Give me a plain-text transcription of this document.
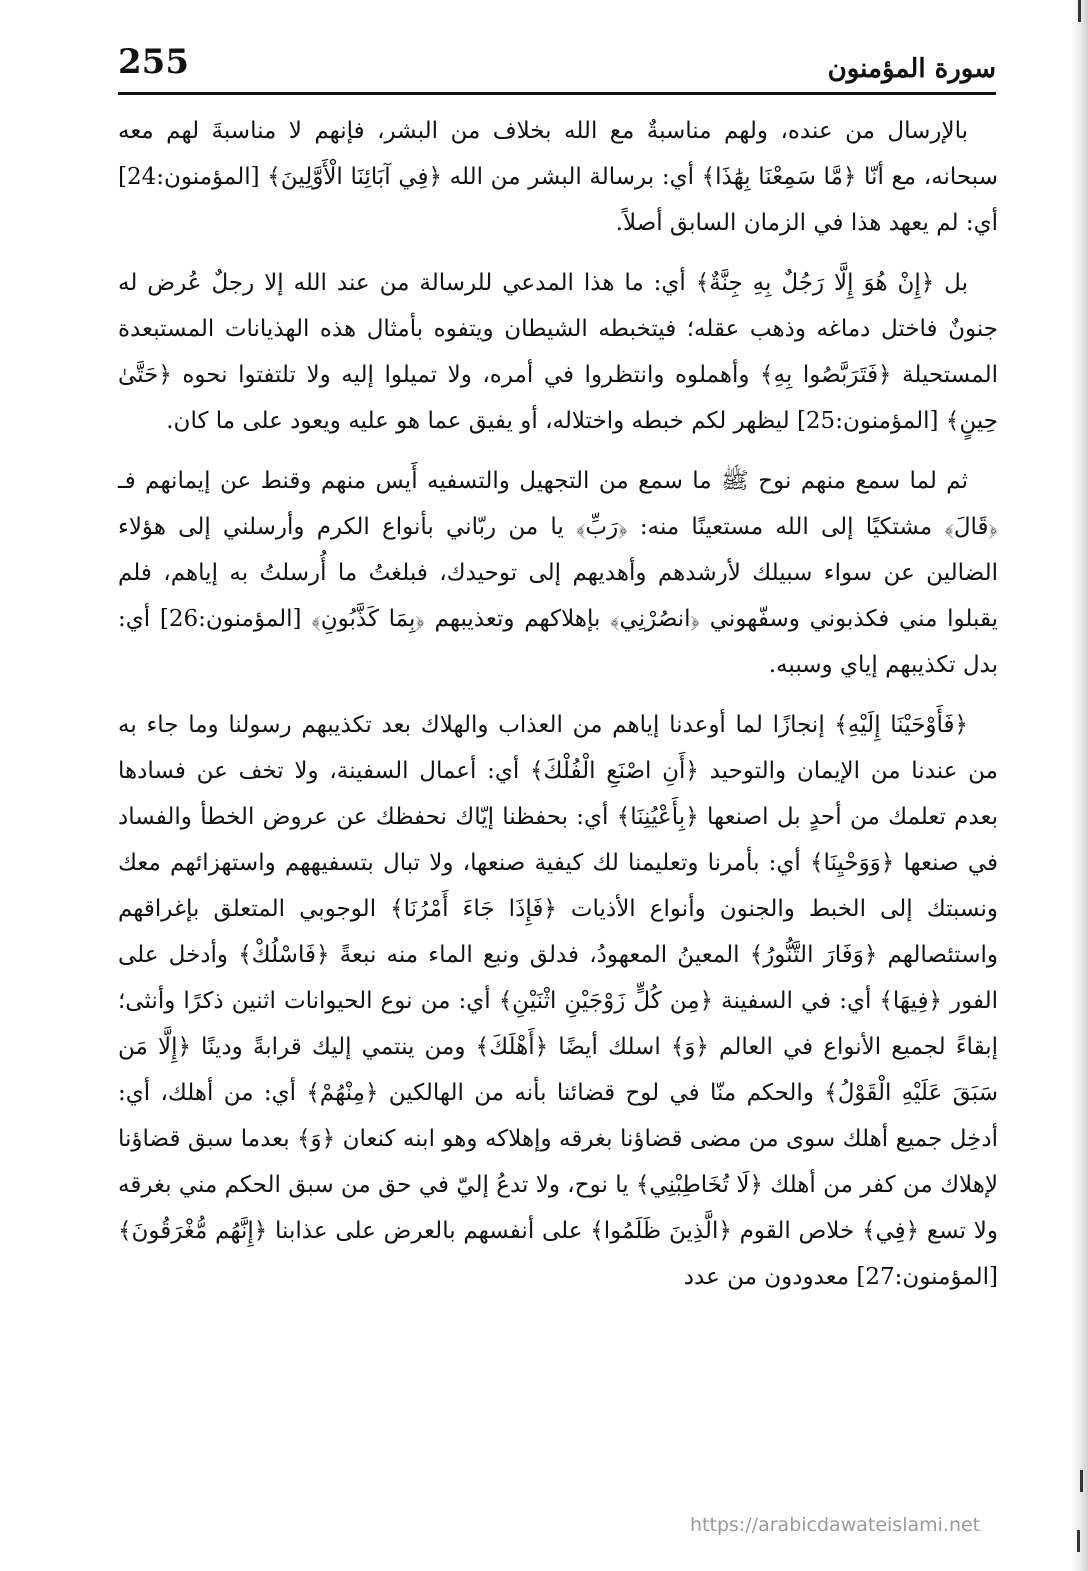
سورة المؤمنون
255

بالإرسال من عنده، ولهم مناسبةٌ مع الله بخلاف من البشر، فإنهم لا مناسبةَ لهم معه سبحانه، مع أنّا ﴿مَّا سَمِعْنَا بِهَٰذَا﴾ أي: برسالة البشر من الله ﴿فِي آبَائِنَا الْأَوَّلِينَ﴾ [المؤمنون:24] أي: لم يعهد هذا في الزمان السابق أصلاً.

بل ﴿إِنْ هُوَ إِلَّا رَجُلٌ بِهِ جِنَّةٌ﴾ أي: ما هذا المدعي للرسالة من عند الله إلا رجلٌ عُرض له جنونٌ فاختل دماغه وذهب عقله؛ فيتخبطه الشيطان ويتفوه بأمثال هذه الهذيانات المستبعدة المستحيلة ﴿فَتَرَبَّصُوا بِهِ﴾ وأهملوه وانتظروا في أمره، ولا تميلوا إليه ولا تلتفتوا نحوه ﴿حَتَّىٰ حِينٍ﴾ [المؤمنون:25] ليظهر لكم خبطه واختلاله، أو يفيق عما هو عليه ويعود على ما كان.

ثم لما سمع منهم نوح ﷺ ما سمع من التجهيل والتسفيه أَيس منهم وقنط عن إيمانهم فـ ﴿قَالَ﴾ مشتكيًا إلى الله مستعينًا منه: ﴿رَبِّ﴾ يا من ربّاني بأنواع الكرم وأرسلني إلى هؤلاء الضالين عن سواء سبيلك لأرشدهم وأهديهم إلى توحيدك، فبلغتُ ما أُرسلتُ به إياهم، فلم يقبلوا مني فكذبوني وسفّهوني ﴿انصُرْنِي﴾ بإهلاكهم وتعذيبهم ﴿بِمَا كَذَّبُونِ﴾ [المؤمنون:26] أي: بدل تكذيبهم إياي وسببه.

﴿فَأَوْحَيْنَا إِلَيْهِ﴾ إنجازًا لما أوعدنا إياهم من العذاب والهلاك بعد تكذيبهم رسولنا وما جاء به من عندنا من الإيمان والتوحيد ﴿أَنِ اصْنَعِ الْفُلْكَ﴾ أي: أعمال السفينة، ولا تخف عن فسادها بعدم تعلمك من أحدٍ بل اصنعها ﴿بِأَعْيُنِنَا﴾ أي: بحفظنا إيّاك نحفظك عن عروض الخطأ والفساد في صنعها ﴿وَوَحْيِنَا﴾ أي: بأمرنا وتعليمنا لك كيفية صنعها، ولا تبال بتسفيههم واستهزائهم معك ونسبتك إلى الخبط والجنون وأنواع الأذيات ﴿فَإِذَا جَاءَ أَمْرُنَا﴾ الوجوبي المتعلق بإغراقهم واستئصالهم ﴿وَفَارَ التَّنُّورُ﴾ المعينُ المعهودُ، فدلق ونبع الماء منه نبعةً ﴿فَاسْلُكْ﴾ وأدخل على الفور ﴿فِيهَا﴾ أي: في السفينة ﴿مِن كُلٍّ زَوْجَيْنِ اثْنَيْنِ﴾ أي: من نوع الحيوانات اثنين ذكرًا وأنثى؛ إبقاءً لجميع الأنواع في العالم ﴿وَ﴾ اسلك أيضًا ﴿أَهْلَكَ﴾ ومن ينتمي إليك قرابةً ودينًا ﴿إِلَّا مَن سَبَقَ عَلَيْهِ الْقَوْلُ﴾ والحكم منّا في لوح قضائنا بأنه من الهالكين ﴿مِنْهُمْ﴾ أي: من أهلك، أي: أدخِل جميع أهلك سوى من مضى قضاؤنا بغرقه وإهلاكه وهو ابنه كنعان ﴿وَ﴾ بعدما سبق قضاؤنا لإهلاك من كفر من أهلك ﴿لَا تُخَاطِبْنِي﴾ يا نوح، ولا تدعُ إليّ في حق من سبق الحكم مني بغرقه ولا تسع ﴿فِي﴾ خلاص القوم ﴿الَّذِينَ ظَلَمُوا﴾ على أنفسهم بالعرض على عذابنا ﴿إِنَّهُم مُّغْرَقُونَ﴾ [المؤمنون:27] معدودون من عدد

https://arabicdawateislami.net
